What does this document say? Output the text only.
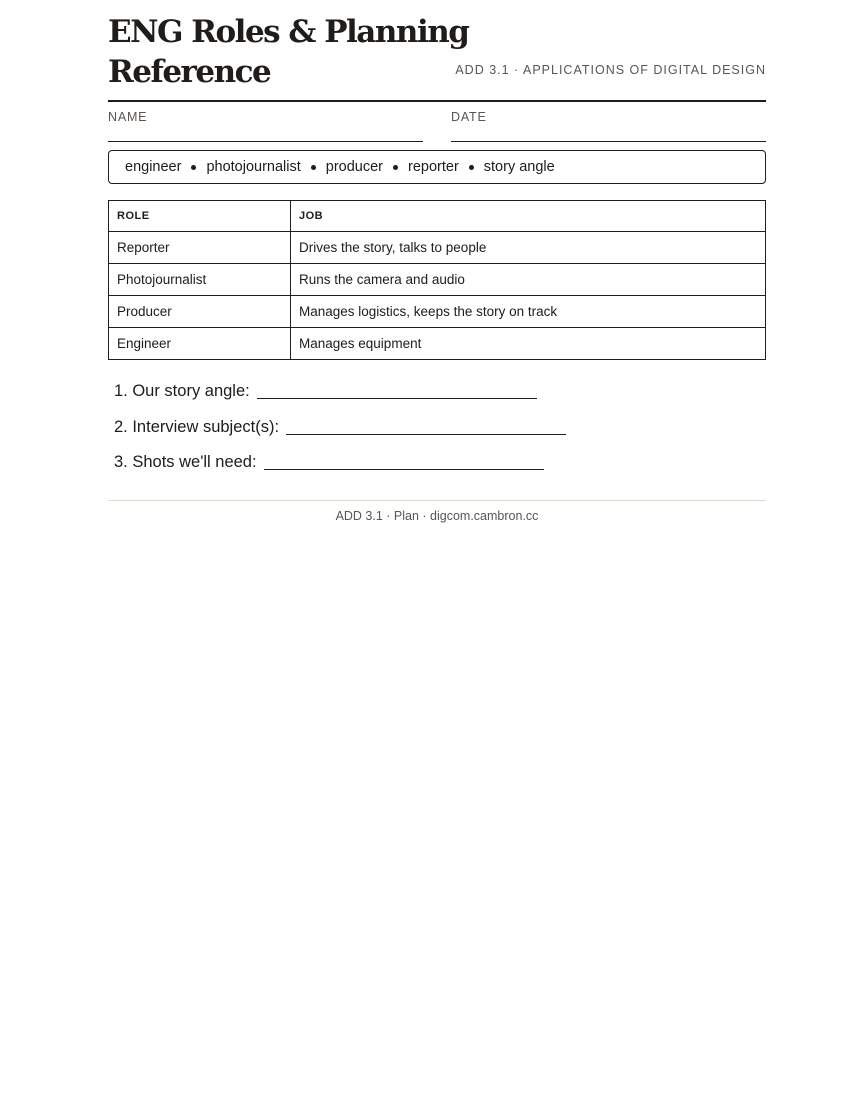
ENG Roles & Planning
Reference	ADD 3.1 · APPLICATIONS OF DIGITAL DESIGN
NAME	DATE
engineer photojournalist producer reporter story angle
ROLE	JOB
Reporter	Drives the story, talks to people
Photojournalist	Runs the camera and audio
Producer	Manages logistics, keeps the story on track
Engineer	Manages equipment
1. Our story angle:
2. Interview subject(s):
3. Shots we'll need:
ADD 3.1 · Plan · digcom.cambron.cc
